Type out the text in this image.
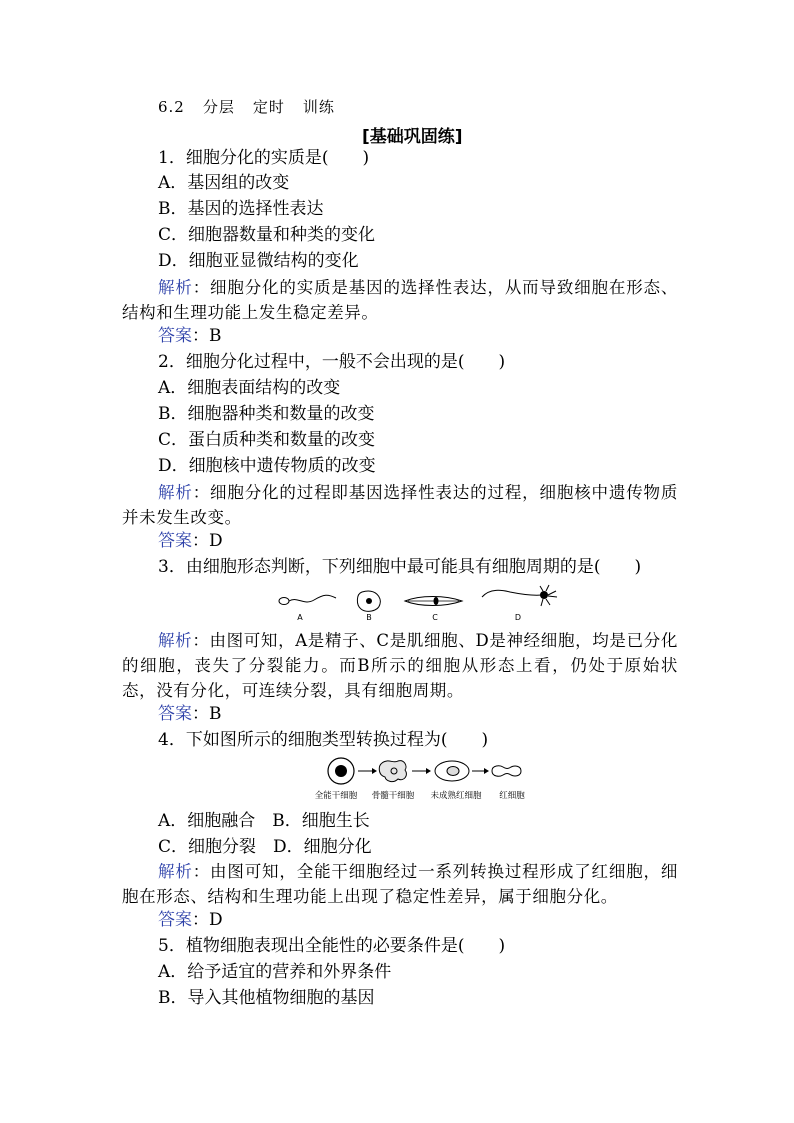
6.2 分层 定时 训练
[基础巩固练]
1．细胞分化的实质是(　　)
A．基因组的改变
B．基因的选择性表达
C．细胞器数量和种类的变化
D．细胞亚显微结构的变化
解析：细胞分化的实质是基因的选择性表达，从而导致细胞在形态、结构和生理功能上发生稳定差异。
答案：B
2．细胞分化过程中，一般不会出现的是(　　)
A．细胞表面结构的改变
B．细胞器种类和数量的改变
C．蛋白质种类和数量的改变
D．细胞核中遗传物质的改变
解析：细胞分化的过程即基因选择性表达的过程，细胞核中遗传物质并未发生改变。
答案：D
3．由细胞形态判断，下列细胞中最可能具有细胞周期的是(　　)
A	B	C	D
解析：由图可知，A是精子、C是肌细胞、D是神经细胞，均是已分化的细胞，丧失了分裂能力。而B所示的细胞从形态上看，仍处于原始状态，没有分化，可连续分裂，具有细胞周期。
答案：B
4．下如图所示的细胞类型转换过程为(　　)
全能干细胞 骨髓干细胞 未成熟红细胞 红细胞
A．细胞融合　B．细胞生长
C．细胞分裂　D．细胞分化
解析：由图可知，全能干细胞经过一系列转换过程形成了红细胞，细胞在形态、结构和生理功能上出现了稳定性差异，属于细胞分化。
答案：D
5．植物细胞表现出全能性的必要条件是(　　)
A．给予适宜的营养和外界条件
B．导入其他植物细胞的基因
